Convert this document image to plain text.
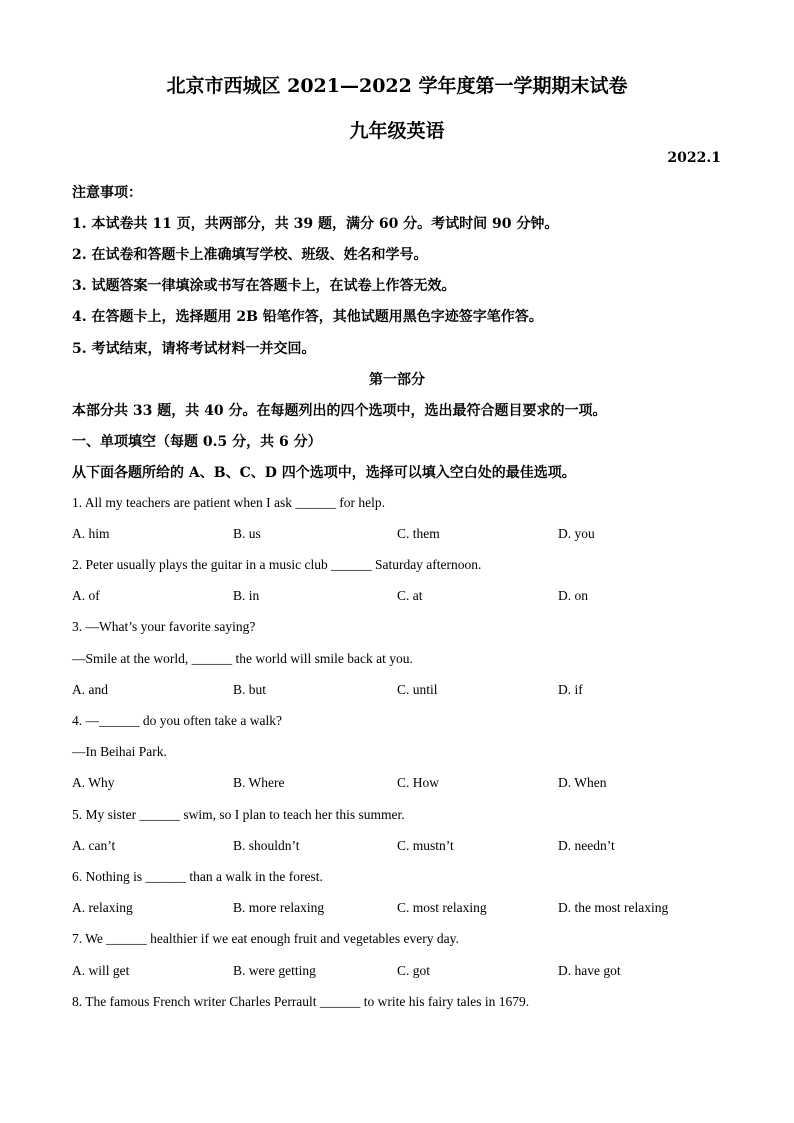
北京市西城区 2021—2022 学年度第一学期期末试卷
九年级英语
2022.1
注意事项：
1. 本试卷共 11 页，共两部分，共 39 题，满分 60 分。考试时间 90 分钟。
2. 在试卷和答题卡上准确填写学校、班级、姓名和学号。
3. 试题答案一律填涂或书写在答题卡上，在试卷上作答无效。
4. 在答题卡上，选择题用 2B 铅笔作答，其他试题用黑色字迹签字笔作答。
5. 考试结束，请将考试材料一并交回。
第一部分
本部分共 33 题，共 40 分。在每题列出的四个选项中，选出最符合题目要求的一项。
一、单项填空（每题 0.5 分，共 6 分）
从下面各题所给的 A、B、C、D 四个选项中，选择可以填入空白处的最佳选项。
1. All my teachers are patient when I ask ______ for help.
A. him	B. us	C. them	D. you
2. Peter usually plays the guitar in a music club ______ Saturday afternoon.
A. of	B. in	C. at	D. on
3. —What’s your favorite saying?
—Smile at the world, ______ the world will smile back at you.
A. and	B. but	C. until	D. if
4. —______ do you often take a walk?
—In Beihai Park.
A. Why	B. Where	C. How	D. When
5. My sister ______ swim, so I plan to teach her this summer.
A. can’t	B. shouldn’t	C. mustn’t	D. needn’t
6. Nothing is ______ than a walk in the forest.
A. relaxing	B. more relaxing	C. most relaxing	D. the most relaxing
7. We ______ healthier if we eat enough fruit and vegetables every day.
A. will get	B. were getting	C. got	D. have got
8. The famous French writer Charles Perrault ______ to write his fairy tales in 1679.
